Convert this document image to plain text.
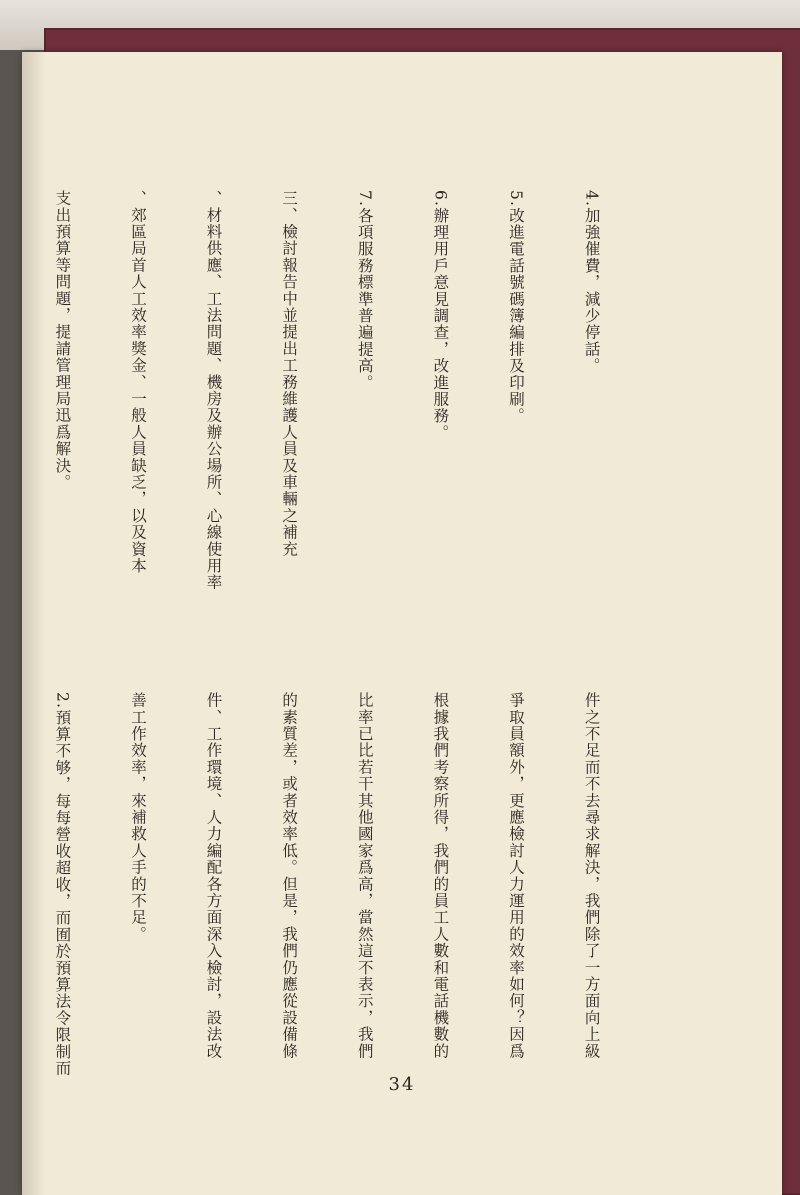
4.加強催費，減少停話。

5.改進電話號碼簿編排及印刷。

6.辦理用戶意見調查，改進服務。

7.各項服務標準普遍提高。

三、檢討報告中並提出工務維護人員及車輛之補充

、材料供應、工法問題、機房及辦公場所、心線使用率

、郊區局首人工效率獎金、一般人員缺乏，以及資本

支出預算等問題，提請管理局迅爲解決。

件之不足而不去尋求解決，我們除了一方面向上級

爭取員額外，更應檢討人力運用的效率如何？因爲

根據我們考察所得，我們的員工人數和電話機數的

比率已比若干其他國家爲高，當然這不表示，我們

的素質差，或者效率低。但是，我們仍應從設備條

件、工作環境、人力編配各方面深入檢討，設法改

善工作效率，來補救人手的不足。

2.預算不够，每每營收超收，而囿於預算法令限制而

34
